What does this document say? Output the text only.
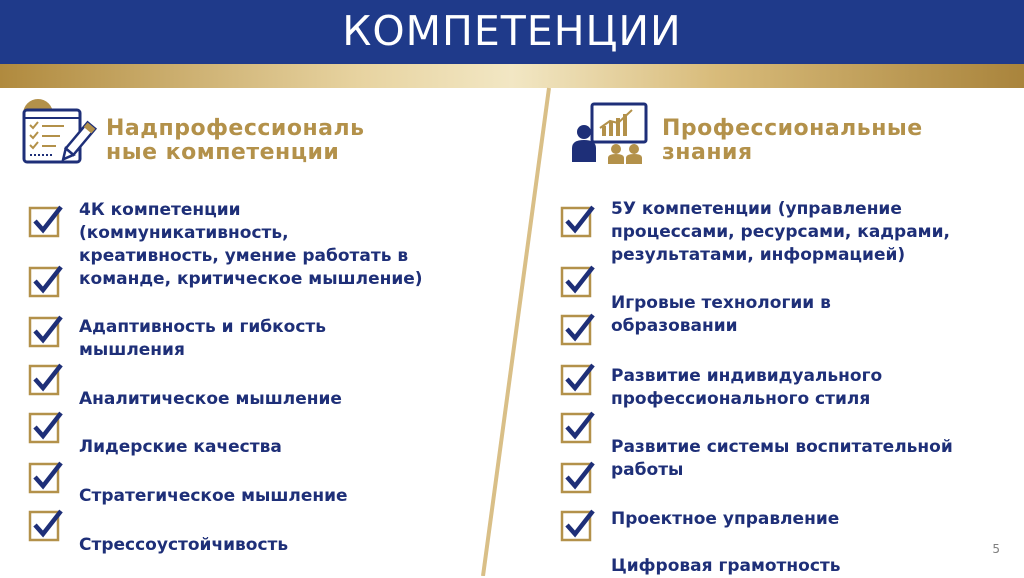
КОМПЕТЕНЦИИ
Надпрофессиональ
ные компетенции
Профессиональные
знания
4К компетенции
(коммуникативность,
креативность, умение работать в
команде, критическое мышление)
Адаптивность и гибкость
мышления
Аналитическое мышление
Лидерские качества
Стратегическое мышление
Стрессоустойчивость
5У компетенции (управление
процессами, ресурсами, кадрами,
результатами, информацией)
Игровые технологии в
образовании
Развитие индивидуального
профессионального стиля
Развитие системы воспитательной
работы
Проектное управление
Цифровая грамотность
5
